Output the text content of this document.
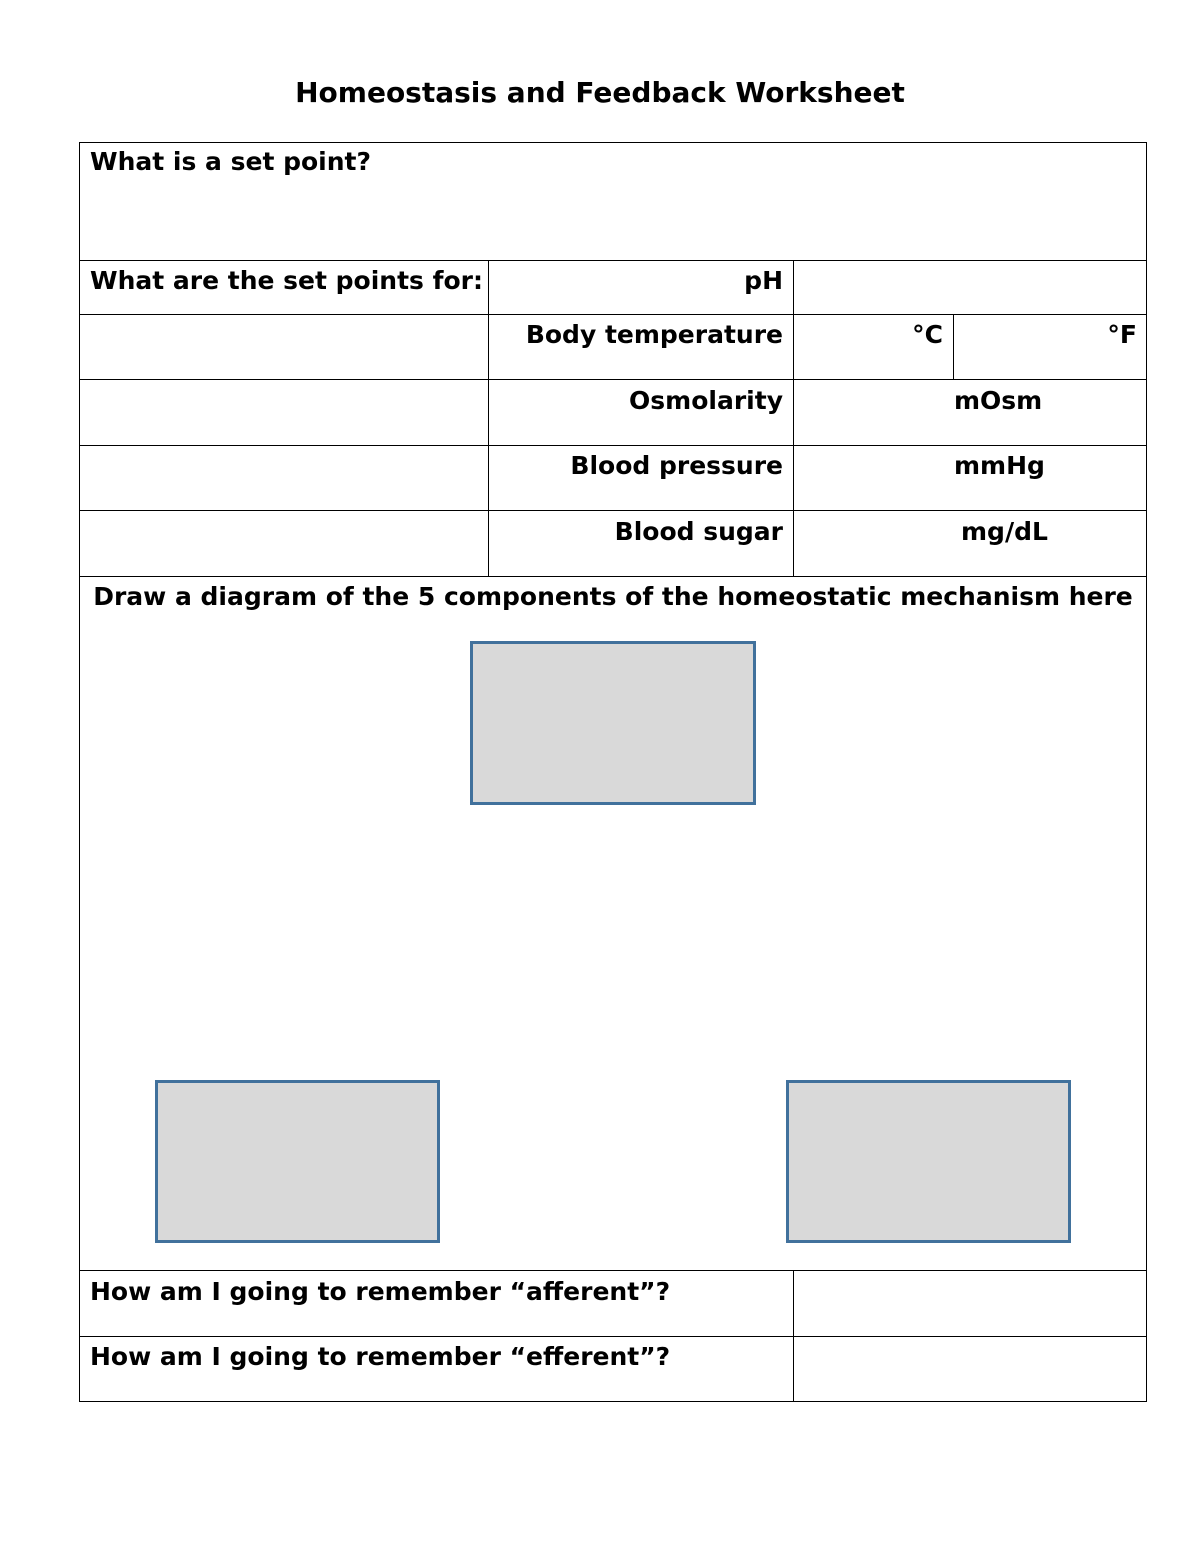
Homeostasis and Feedback Worksheet
What is a set point?
What are the set points for:	pH
Body temperature
Osmolarity
Blood pressure
Blood sugar
°C	°F
mOsm
mmHg
mg/dL
Draw a diagram of the 5 components of the homeostatic mechanism here
How am I going to remember “afferent”?
How am I going to remember “efferent”?
